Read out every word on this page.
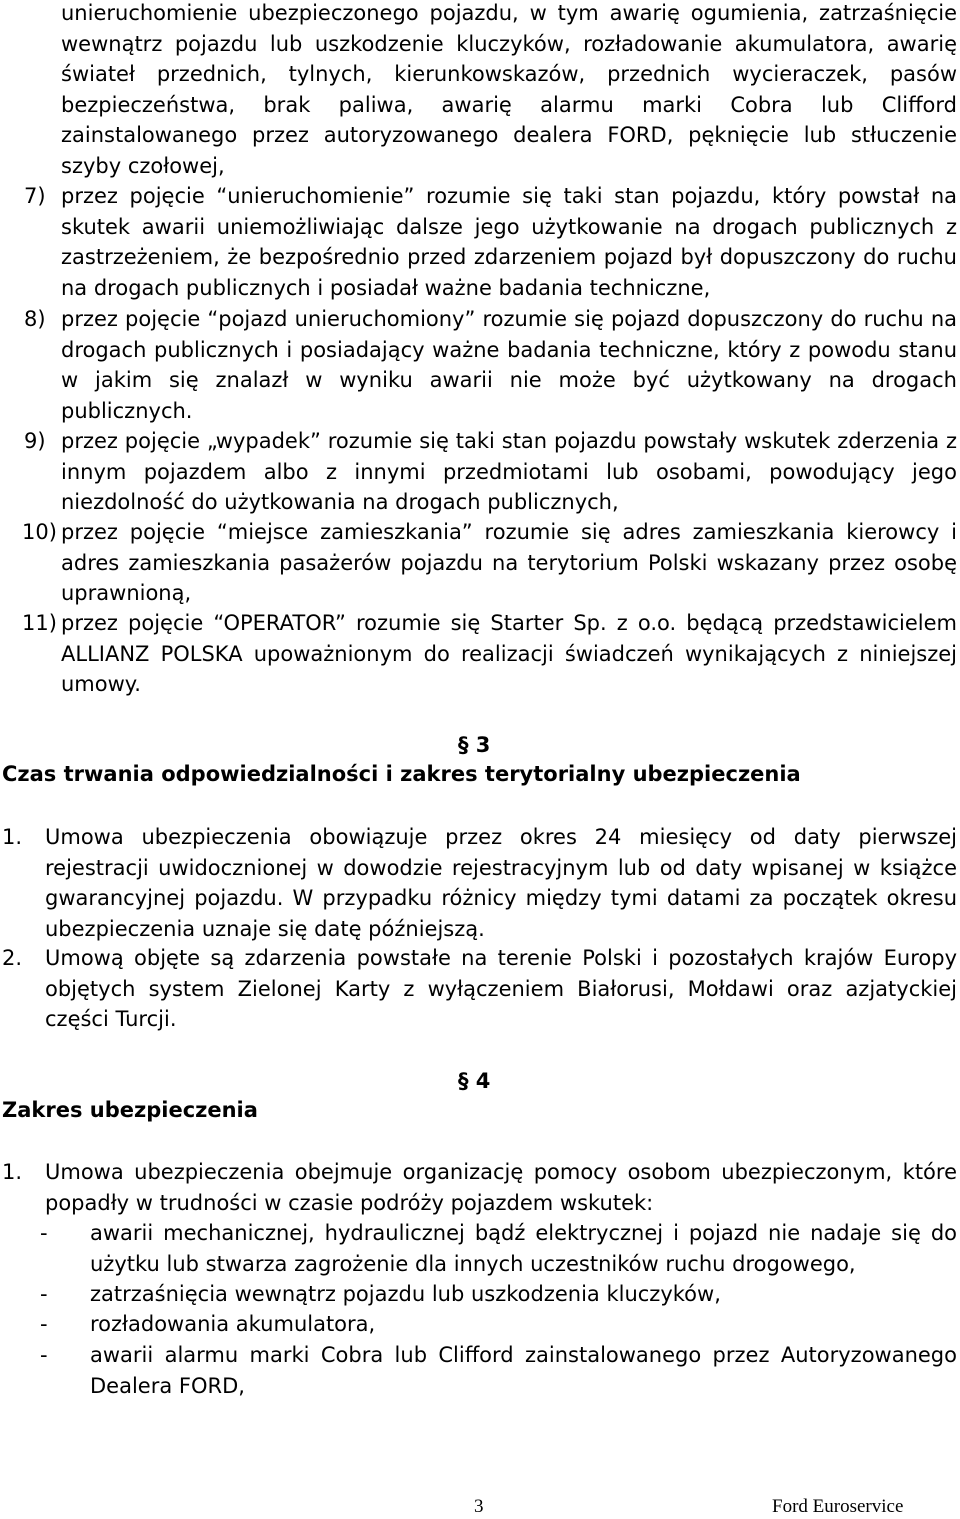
unieruchomienie ubezpieczonego pojazdu, w tym awarię ogumienia, zatrzaśnięcie wewnątrz pojazdu lub uszkodzenie kluczyków, rozładowanie akumulatora, awarię świateł przednich, tylnych, kierunkowskazów, przednich wycieraczek, pasów bezpieczeństwa, brak paliwa, awarię alarmu marki Cobra lub Clifford zainstalowanego przez autoryzowanego dealera FORD, pęknięcie lub stłuczenie szyby czołowej,
7) przez pojęcie “unieruchomienie” rozumie się taki stan pojazdu, który powstał na skutek awarii uniemożliwiając dalsze jego użytkowanie na drogach publicznych z zastrzeżeniem, że bezpośrednio przed zdarzeniem pojazd był dopuszczony do ruchu na drogach publicznych i posiadał ważne badania techniczne,
8) przez pojęcie “pojazd unieruchomiony” rozumie się pojazd dopuszczony do ruchu na drogach publicznych i posiadający ważne badania techniczne, który z powodu stanu w jakim się znalazł w wyniku awarii nie może być użytkowany na drogach publicznych.
9) przez pojęcie „wypadek” rozumie się taki stan pojazdu powstały wskutek zderzenia z innym pojazdem albo z innymi przedmiotami lub osobami, powodujący jego niezdolność do użytkowania na drogach publicznych,
10) przez pojęcie “miejsce zamieszkania” rozumie się adres zamieszkania kierowcy i adres zamieszkania pasażerów pojazdu na terytorium Polski wskazany przez osobę uprawnioną,
11) przez pojęcie “OPERATOR” rozumie się Starter Sp. z o.o. będącą przedstawicielem ALLIANZ POLSKA upoważnionym do realizacji świadczeń wynikających z niniejszej umowy.
§ 3
Czas trwania odpowiedzialności i zakres terytorialny ubezpieczenia
1. Umowa ubezpieczenia obowiązuje przez okres 24 miesięcy od daty pierwszej rejestracji uwidocznionej w dowodzie rejestracyjnym lub od daty wpisanej w książce gwarancyjnej pojazdu. W przypadku różnicy między tymi datami za początek okresu ubezpieczenia uznaje się datę późniejszą.
2. Umową objęte są zdarzenia powstałe na terenie Polski i pozostałych krajów Europy objętych system Zielonej Karty z wyłączeniem Białorusi, Mołdawi oraz azjatyckiej części Turcji.
§ 4
Zakres ubezpieczenia
1. Umowa ubezpieczenia obejmuje organizację pomocy osobom ubezpieczonym, które popadły w trudności w czasie podróży pojazdem wskutek:
- awarii mechanicznej, hydraulicznej bądź elektrycznej i pojazd nie nadaje się do użytku lub stwarza zagrożenie dla innych uczestników ruchu drogowego,
- zatrzaśnięcia wewnątrz pojazdu lub uszkodzenia kluczyków,
- rozładowania akumulatora,
- awarii alarmu marki Cobra lub Clifford zainstalowanego przez Autoryzowanego Dealera FORD,
3	Ford Euroservice
